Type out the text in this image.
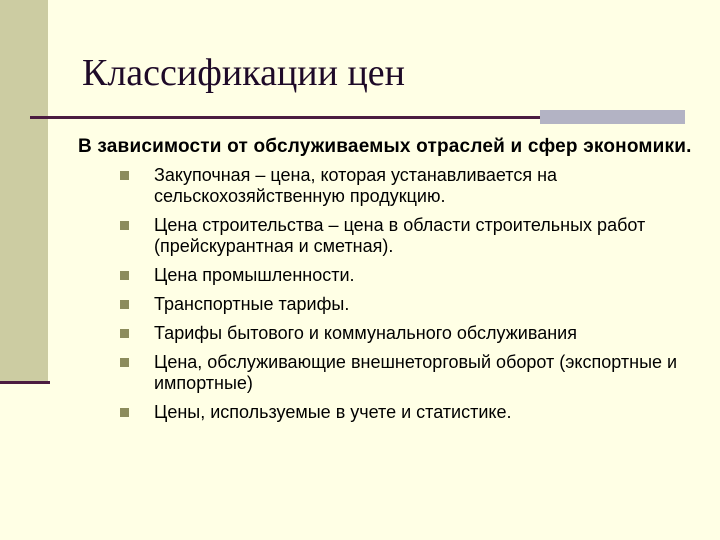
Классификации цен

В зависимости от обслуживаемых отраслей и сфер экономики.

Закупочная – цена, которая устанавливается на сельскохозяйственную продукцию.
Цена строительства – цена в области строительных работ (прейскурантная и сметная).
Цена промышленности.
Транспортные тарифы.
Тарифы бытового и коммунального обслуживания
Цена, обслуживающие внешнеторговый оборот (экспортные и импортные)
Цены, используемые в учете и статистике.
